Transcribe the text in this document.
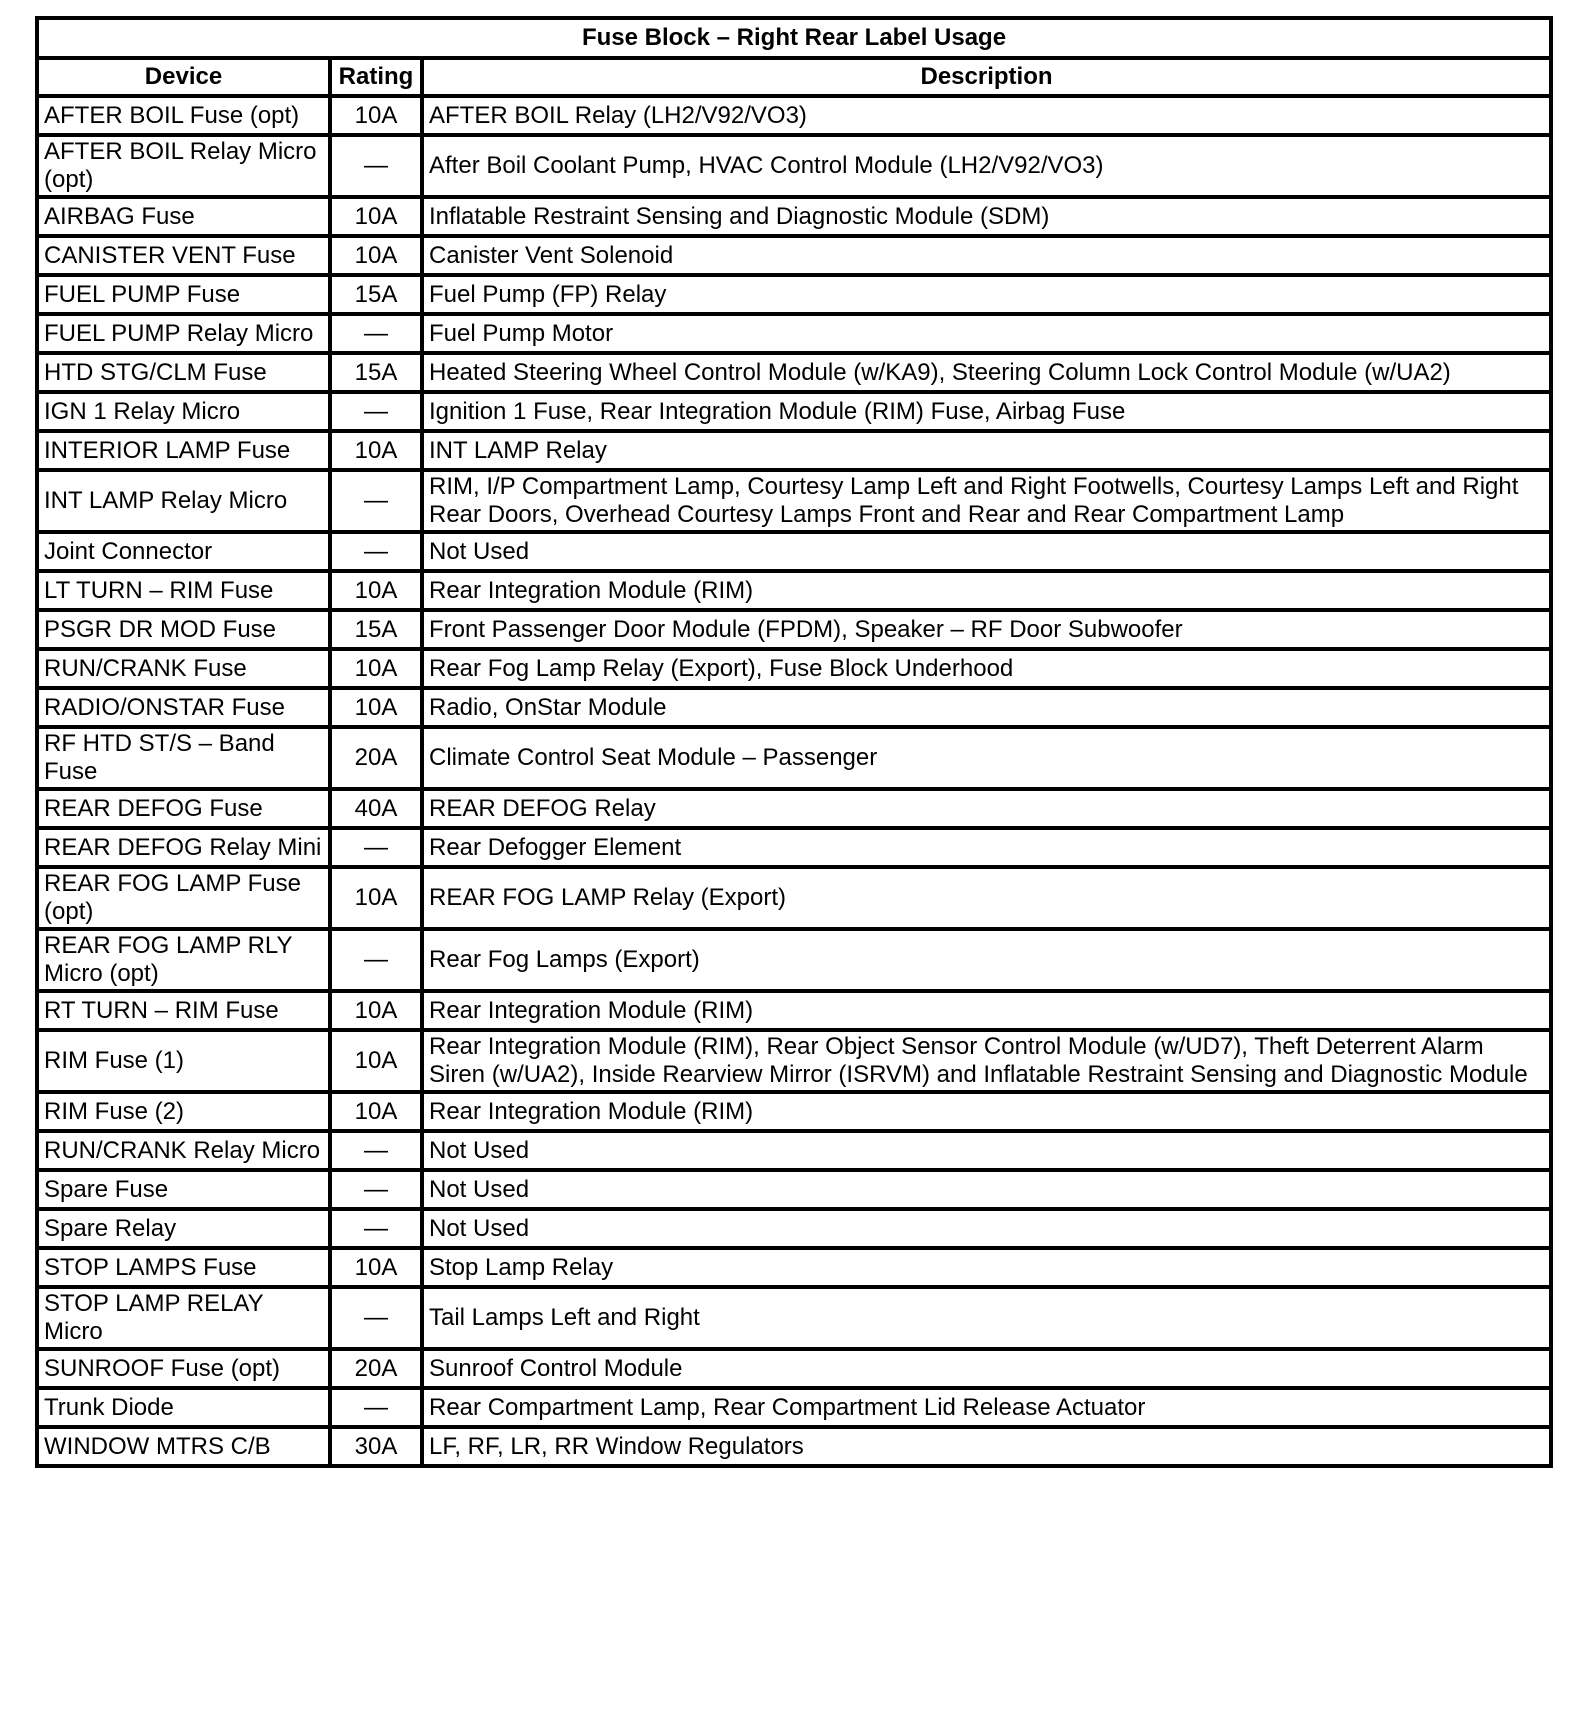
Fuse Block – Right Rear Label Usage		
Device	Rating	Description
AFTER BOIL Fuse (opt)	10A	AFTER BOIL Relay (LH2/V92/VO3)
AFTER BOIL Relay Micro (opt)	—	After Boil Coolant Pump, HVAC Control Module (LH2/V92/VO3)
AIRBAG Fuse	10A	Inflatable Restraint Sensing and Diagnostic Module (SDM)
CANISTER VENT Fuse	10A	Canister Vent Solenoid
FUEL PUMP Fuse	15A	Fuel Pump (FP) Relay
FUEL PUMP Relay Micro	—	Fuel Pump Motor
HTD STG/CLM Fuse	15A	Heated Steering Wheel Control Module (w/KA9), Steering Column Lock Control Module (w/UA2)
IGN 1 Relay Micro	—	Ignition 1 Fuse, Rear Integration Module (RIM) Fuse, Airbag Fuse
INTERIOR LAMP Fuse	10A	INT LAMP Relay
INT LAMP Relay Micro	—	RIM, I/P Compartment Lamp, Courtesy Lamp Left and Right Footwells, Courtesy Lamps Left and Right Rear Doors, Overhead Courtesy Lamps Front and Rear and Rear Compartment Lamp
Joint Connector	—	Not Used
LT TURN – RIM Fuse	10A	Rear Integration Module (RIM)
PSGR DR MOD Fuse	15A	Front Passenger Door Module (FPDM), Speaker – RF Door Subwoofer
RUN/CRANK Fuse	10A	Rear Fog Lamp Relay (Export), Fuse Block Underhood
RADIO/ONSTAR Fuse	10A	Radio, OnStar Module
RF HTD ST/S – Band Fuse	20A	Climate Control Seat Module – Passenger
REAR DEFOG Fuse	40A	REAR DEFOG Relay
REAR DEFOG Relay Mini	—	Rear Defogger Element
REAR FOG LAMP Fuse (opt)	10A	REAR FOG LAMP Relay (Export)
REAR FOG LAMP RLY Micro (opt)	—	Rear Fog Lamps (Export)
RT TURN – RIM Fuse	10A	Rear Integration Module (RIM)
RIM Fuse (1)	10A	Rear Integration Module (RIM), Rear Object Sensor Control Module (w/UD7), Theft Deterrent Alarm Siren (w/UA2), Inside Rearview Mirror (ISRVM) and Inflatable Restraint Sensing and Diagnostic Module
RIM Fuse (2)	10A	Rear Integration Module (RIM)
RUN/CRANK Relay Micro	—	Not Used
Spare Fuse	—	Not Used
Spare Relay	—	Not Used
STOP LAMPS Fuse	10A	Stop Lamp Relay
STOP LAMP RELAY Micro	—	Tail Lamps Left and Right
SUNROOF Fuse (opt)	20A	Sunroof Control Module
Trunk Diode	—	Rear Compartment Lamp, Rear Compartment Lid Release Actuator
WINDOW MTRS C/B	30A	LF, RF, LR, RR Window Regulators
